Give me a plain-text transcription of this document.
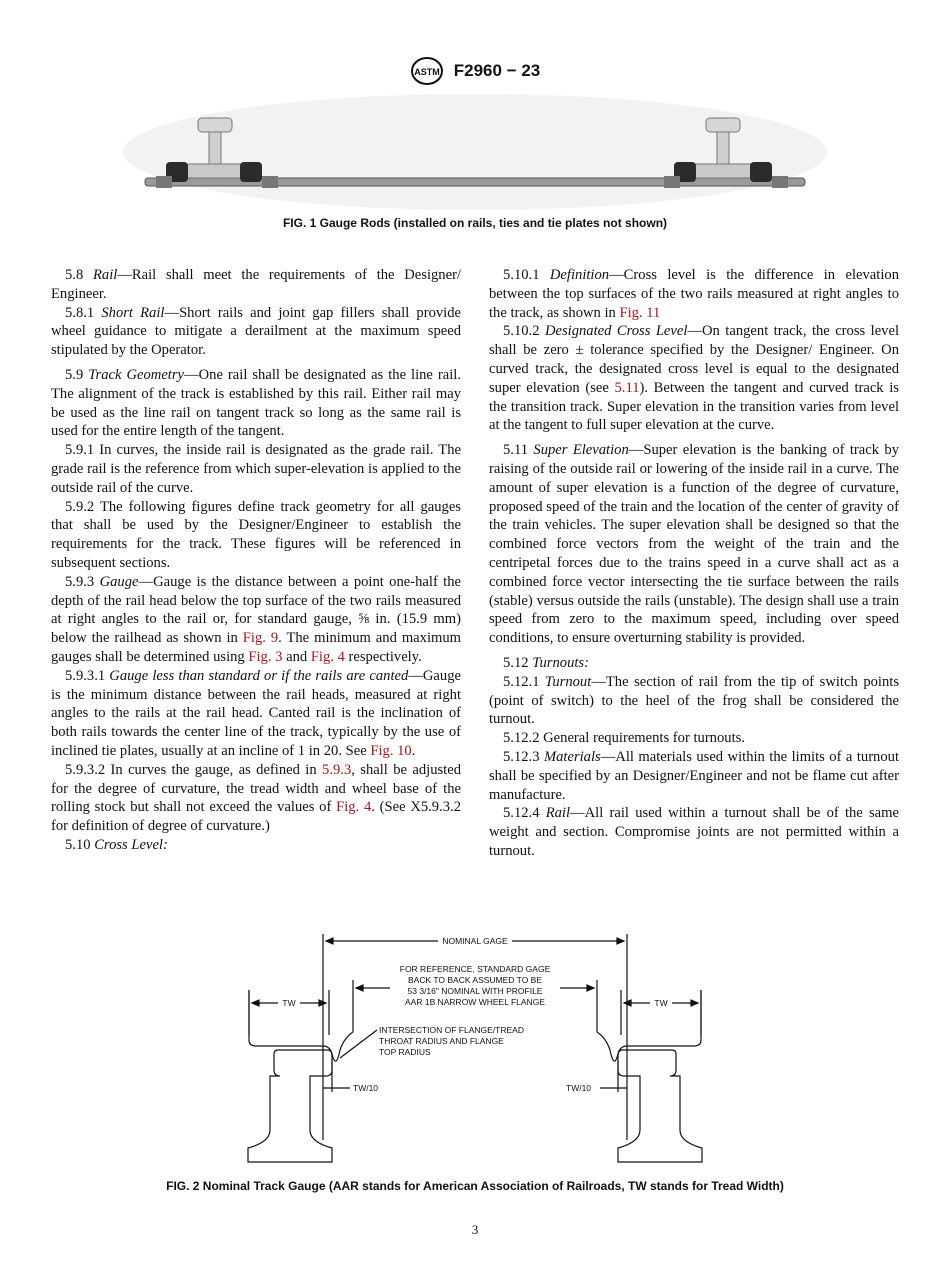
ASTM F2960 − 23
FIG. 1 Gauge Rods (installed on rails, ties and tie plates not shown)

5.8 Rail—Rail shall meet the requirements of the Designer/ Engineer.

5.8.1 Short Rail—Short rails and joint gap fillers shall provide wheel guidance to mitigate a derailment at the maximum speed stipulated by the Operator.

5.9 Track Geometry—One rail shall be designated as the line rail. The alignment of the track is established by this rail. Either rail may be used as the line rail on tangent track so long as the same rail is used for the entire length of the tangent.

5.9.1 In curves, the inside rail is designated as the grade rail. The grade rail is the reference from which super-elevation is applied to the outside rail of the curve.

5.9.2 The following figures define track geometry for all gauges that shall be used by the Designer/Engineer to establish the requirements for the track. These figures will be referenced in subsequent sections.

5.9.3 Gauge—Gauge is the distance between a point one-half the depth of the rail head below the top surface of the two rails measured at right angles to the rail or, for standard gauge, ⅝ in. (15.9 mm) below the railhead as shown in Fig. 9. The minimum and maximum gauges shall be determined using Fig. 3 and Fig. 4 respectively.

5.9.3.1 Gauge less than standard or if the rails are canted—Gauge is the minimum distance between the rail heads, measured at right angles to the rails at the rail head. Canted rail is the inclination of both rails towards the center line of the track, typically by the use of inclined tie plates, usually at an incline of 1 in 20. See Fig. 10.

5.9.3.2 In curves the gauge, as defined in 5.9.3, shall be adjusted for the degree of curvature, the tread width and wheel base of the rolling stock but shall not exceed the values of Fig. 4. (See X5.9.3.2 for definition of degree of curvature.)

5.10 Cross Level:

5.10.1 Definition—Cross level is the difference in elevation between the top surfaces of the two rails measured at right angles to the track, as shown in Fig. 11

5.10.2 Designated Cross Level—On tangent track, the cross level shall be zero ± tolerance specified by the Designer/ Engineer. On curved track, the designated cross level is equal to the designated super elevation (see 5.11). Between the tangent and curved track is the transition track. Super elevation in the transition varies from level at the tangent to full super elevation at the curve.

5.11 Super Elevation—Super elevation is the banking of track by raising of the outside rail or lowering of the inside rail in a curve. The amount of super elevation is a function of the degree of curvature, proposed speed of the train and the location of the center of gravity of the train vehicles. The super elevation shall be designed so that the combined force vectors from the weight of the train and the centripetal forces due to the trains speed in a curve shall act as a combined force vector intersecting the tie surface between the rails (stable) versus outside the rails (unstable). The design shall use a train speed from zero to the maximum speed, including over speed conditions, to ensure overturning stability is provided.

5.12 Turnouts:

5.12.1 Turnout—The section of rail from the tip of switch points (point of switch) to the heel of the frog shall be considered the turnout.

5.12.2 General requirements for turnouts.

5.12.3 Materials—All materials used within the limits of a turnout shall be specified by an Designer/Engineer and not be flame cut after manufacture.

5.12.4 Rail—All rail used within a turnout shall be of the same weight and section. Compromise joints are not permitted within a turnout.

NOMINAL GAGE
FOR REFERENCE, STANDARD GAGE
BACK TO BACK ASSUMED TO BE
53 3/16" NOMINAL WITH PROFILE
AAR 1B NARROW WHEEL FLANGE
TW	TW
INTERSECTION OF FLANGE/TREAD
THROAT RADIUS AND FLANGE
TOP RADIUS
TW/10	TW/10
FIG. 2 Nominal Track Gauge (AAR stands for American Association of Railroads, TW stands for Tread Width)
3
